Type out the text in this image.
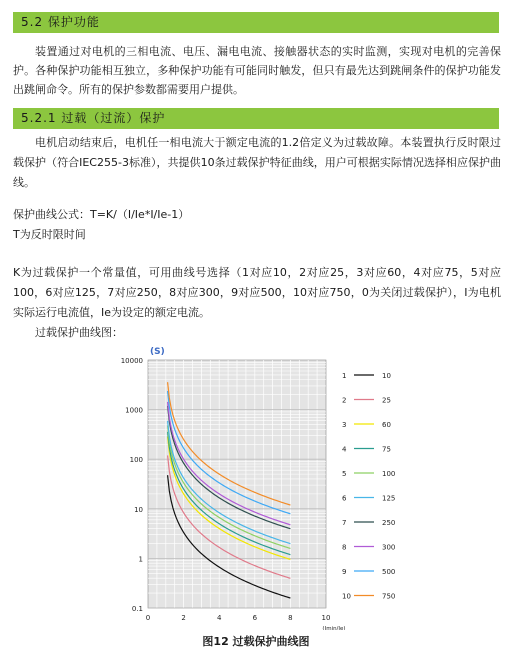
5.2 保护功能

装置通过对电机的三相电流、电压、漏电电流、接触器状态的实时监测，实现对电机的完善保护。各种保护功能相互独立，多种保护功能有可能同时触发，但只有最先达到跳闸条件的保护功能发出跳闸命令。所有的保护参数都需要用户提供。

5.2.1 过载（过流）保护

电机启动结束后，电机任一相电流大于额定电流的1.2倍定义为过载故障。本装置执行反时限过载保护（符合IEC255-3标准），共提供10条过载保护特征曲线，用户可根据实际情况选择相应保护曲线。

保护曲线公式：T=K/（I/Ie*I/Ie-1）
T为反时限时间

K为过载保护一个常量值，可用曲线号选择（1对应10，2对应25，3对应60，4对应75，5对应100，6对应125，7对应250，8对应300，9对应500，10对应750，0为关闭过载保护），I为电机实际运行电流值，Ie为设定的额定电流。

过载保护曲线图：
0.1
1
10
100
1000
10000
0	2	4	6	8	10
(S)
(Imin/Ie)
1	10
2	25
3	60
4	75
5	100
6	125
7	250
8	300
9	500
10	750
图12 过载保护曲线图
